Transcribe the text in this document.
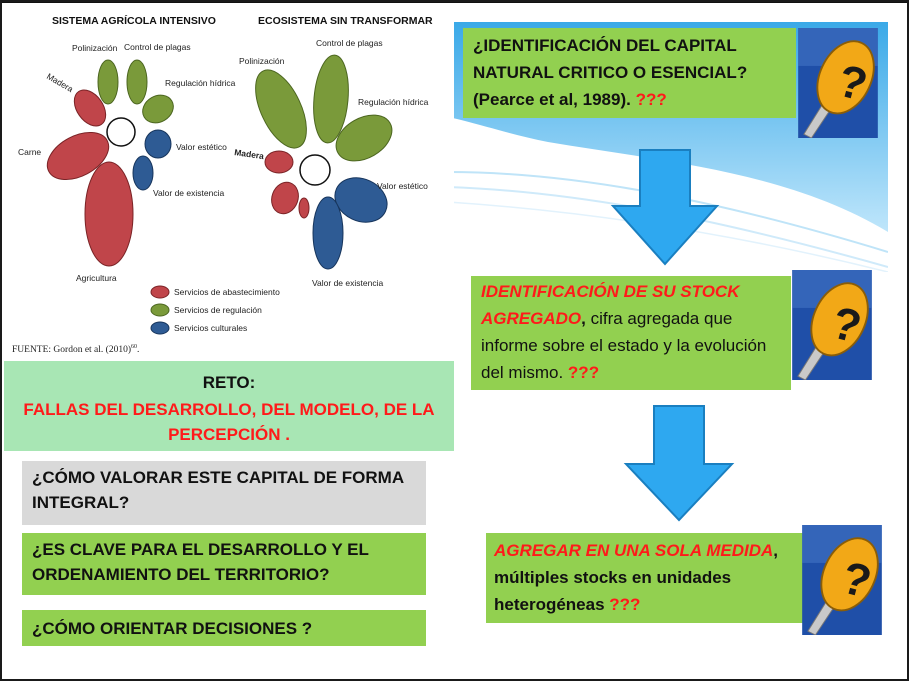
SISTEMA AGRÍCOLA INTENSIVO	ECOSISTEMA SIN TRANSFORMAR
Polinización Control de plagas
Regulación hídrica
Madera
Carne	Valor estético
Valor de existencia
Agricultura
Polinización
Control de plagas
Regulación hídrica
Madera
Valor estético
Valor de existencia
Servicios de abastecimiento
Servicios de regulación
Servicios culturales
FUENTE: Gordon et al. $(2010)^{60}$.
RETO:
FALLAS DEL DESARROLLO, DEL MODELO, DE LA PERCEPCIÓN .
¿CÓMO VALORAR ESTE CAPITAL DE FORMA INTEGRAL?
¿ES CLAVE PARA EL DESARROLLO Y EL ORDENAMIENTO DEL TERRITORIO?
¿CÓMO ORIENTAR DECISIONES ?
¿IDENTIFICACIÓN DEL CAPITAL NATURAL CRITICO O ESENCIAL? (Pearce et al, 1989). ???
IDENTIFICACIÓN DE SU STOCK AGREGADO, cifra agregada que informe sobre el estado y la evolución del mismo. ???
AGREGAR EN UNA SOLA MEDIDA, múltiples stocks en unidades heterogéneas ???
?
?
?
